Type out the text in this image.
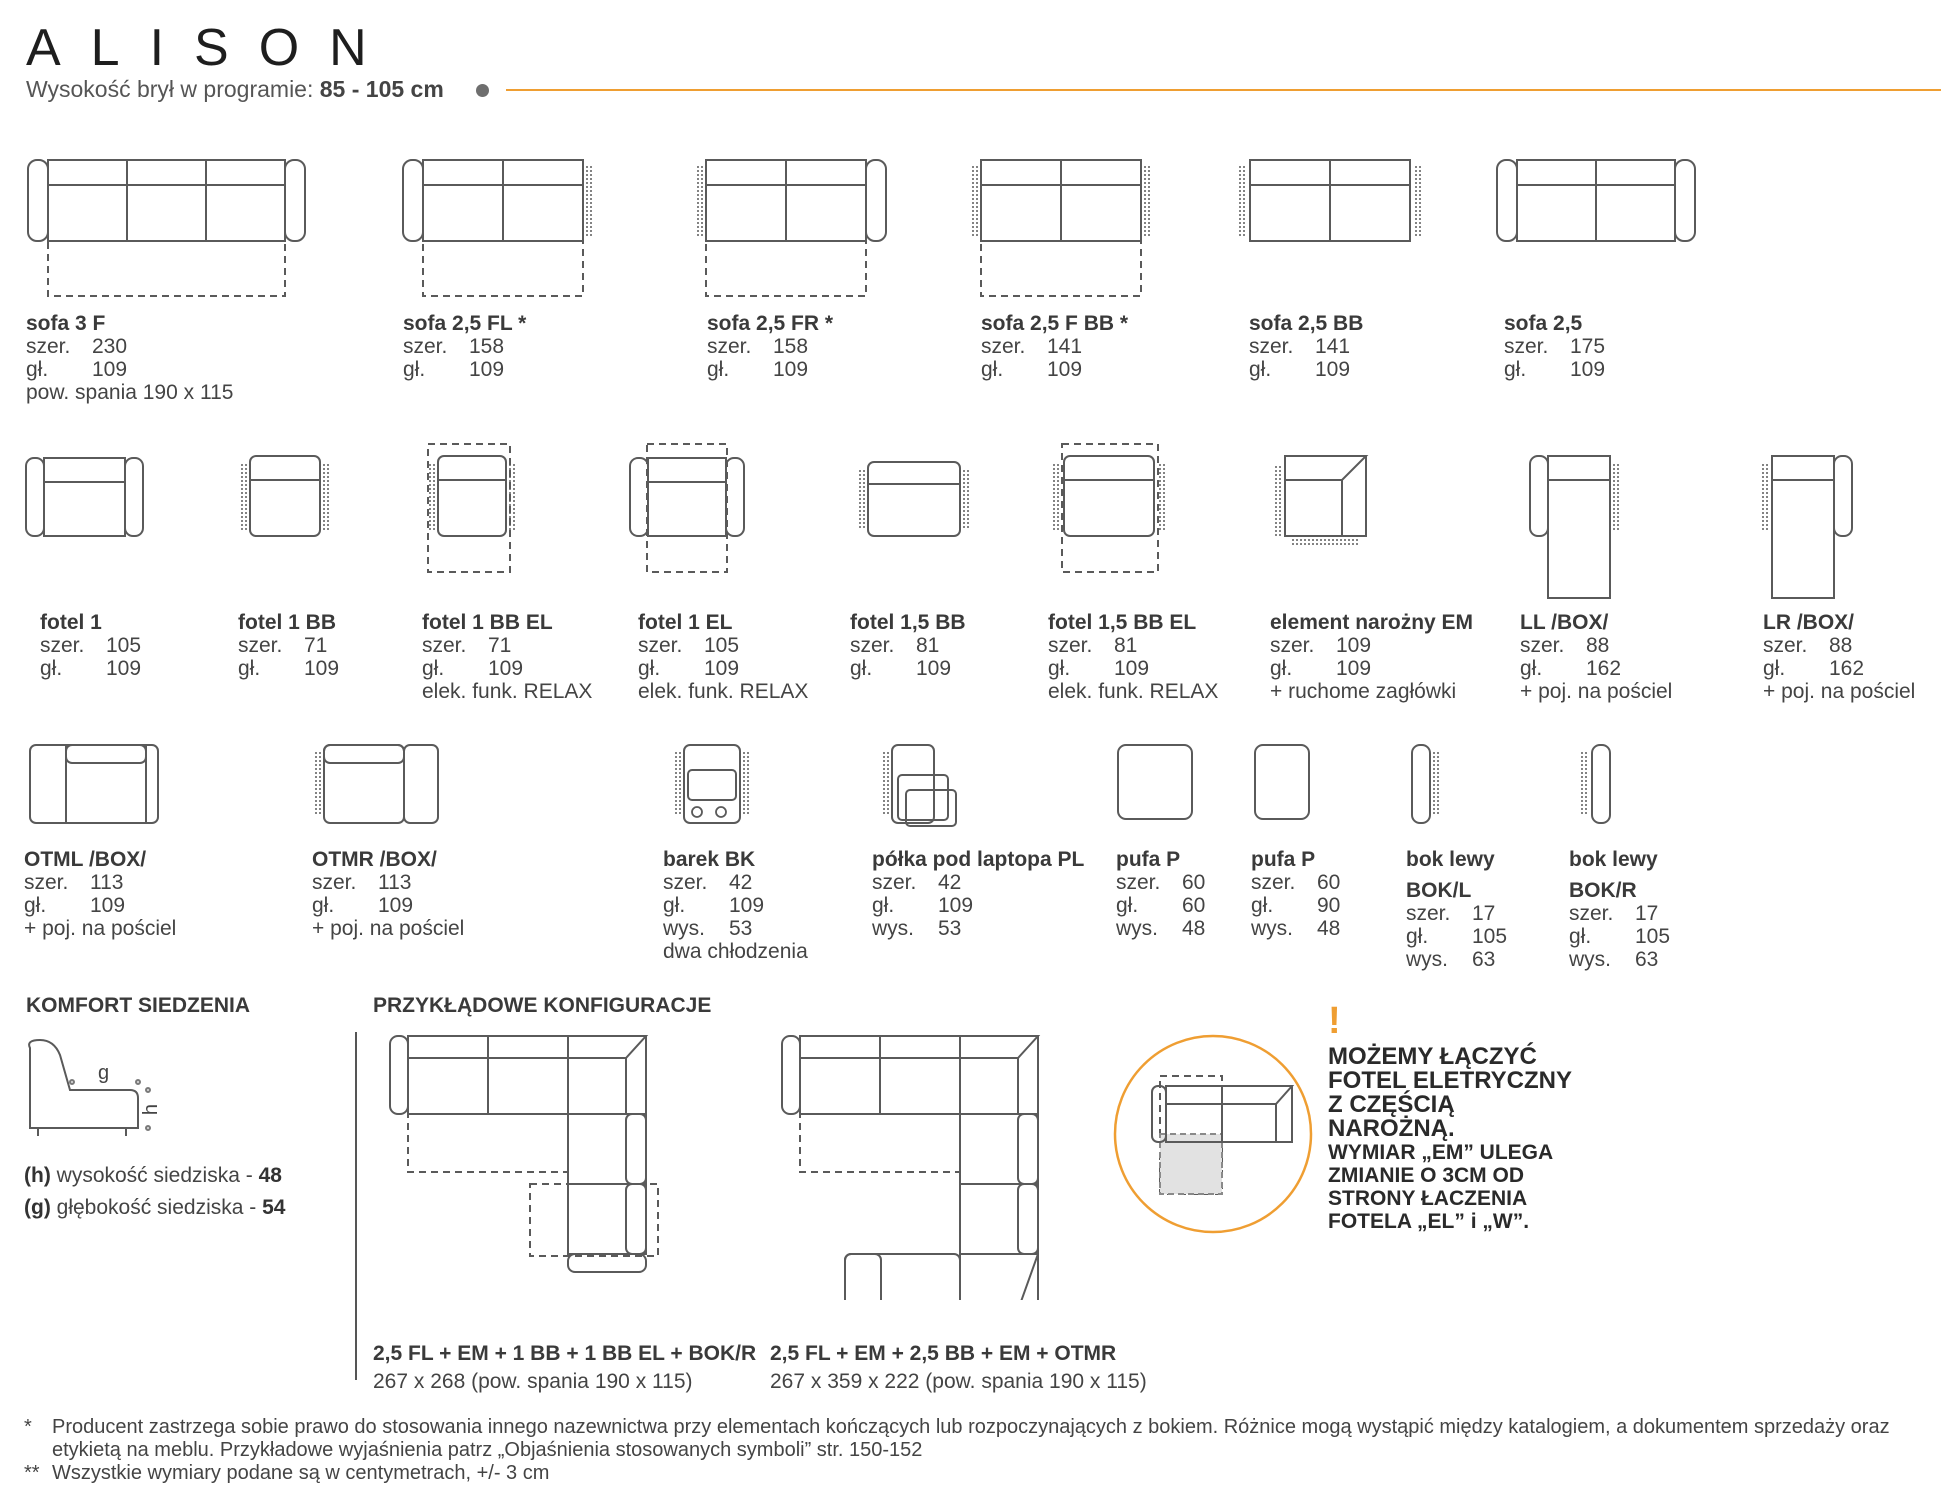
ALISON
Wysokość brył w programie: 85 - 105 cm
sofa 3 F
szer.	230
gł.	109
pow. spania 190 x 115
sofa 2,5 FL *
szer.	158
gł.	109
sofa 2,5 FR *
szer.	158
gł.	109
sofa 2,5 F BB *
szer.	141
gł.	109
sofa 2,5 BB
szer.	141
gł.	109
sofa 2,5
szer.	175
gł.	109
fotel 1
szer.	105
gł.	109
fotel 1 BB
szer.	71
gł.	109
fotel 1 BB EL
szer.	71
gł.	109
elek. funk. RELAX
fotel 1 EL
szer.	105
gł.	109
elek. funk. RELAX
fotel 1,5 BB
szer.	81
gł.	109
fotel 1,5 BB EL
szer.	81
gł.	109
elek. funk. RELAX
element narożny EM
szer.	109
gł.	109
+ ruchome zagłówki
LL /BOX/
szer.	88
gł.	162
+ poj. na pościel
LR /BOX/
szer.	88
gł.	162
+ poj. na pościel
OTML /BOX/
szer.	113
gł.	109
+ poj. na pościel
OTMR /BOX/
szer.	113
gł.	109
+ poj. na pościel
barek BK
szer.	42
gł.	109
wys.	53
dwa chłodzenia
półka pod laptopa PL
szer.	42
gł.	109
wys.	53
pufa P
szer.	60
gł.	60
wys.	48
pufa P
szer.	60
gł.	90
wys.	48
bok lewy
BOK/L
szer.	17
gł.	105
wys.	63
bok lewy
BOK/R
szer.	17
gł.	105
wys.	63
KOMFORT SIEDZENIA
g
h
(h) wysokość siedziska - 48
(g) głębokość siedziska - 54
PRZYKŁĄDOWE KONFIGURACJE
2,5 FL + EM + 1 BB + 1 BB EL + BOK/R
267 x 268 (pow. spania 190 x 115)
2,5 FL + EM + 2,5 BB + EM + OTMR
267 x 359 x 222 (pow. spania 190 x 115)
!
MOŻEMY ŁĄCZYĆ
FOTEL ELETRYCZNY
Z CZĘŚCIĄ
NAROŻNĄ.
WYMIAR „EM” ULEGA
ZMIANIE O 3CM OD
STRONY ŁACZENIA
FOTELA „EL” i „W”.
*	Producent zastrzega sobie prawo do stosowania innego nazewnictwa przy elementach kończących lub rozpoczynających z bokiem. Różnice mogą wystąpić między katalogiem, a dokumentem sprzedaży oraz etykietą na meblu. Przykładowe wyjaśnienia patrz „Objaśnienia stosowanych symboli” str. 150-152
** Wszystkie wymiary podane są w centymetrach, +/- 3 cm
